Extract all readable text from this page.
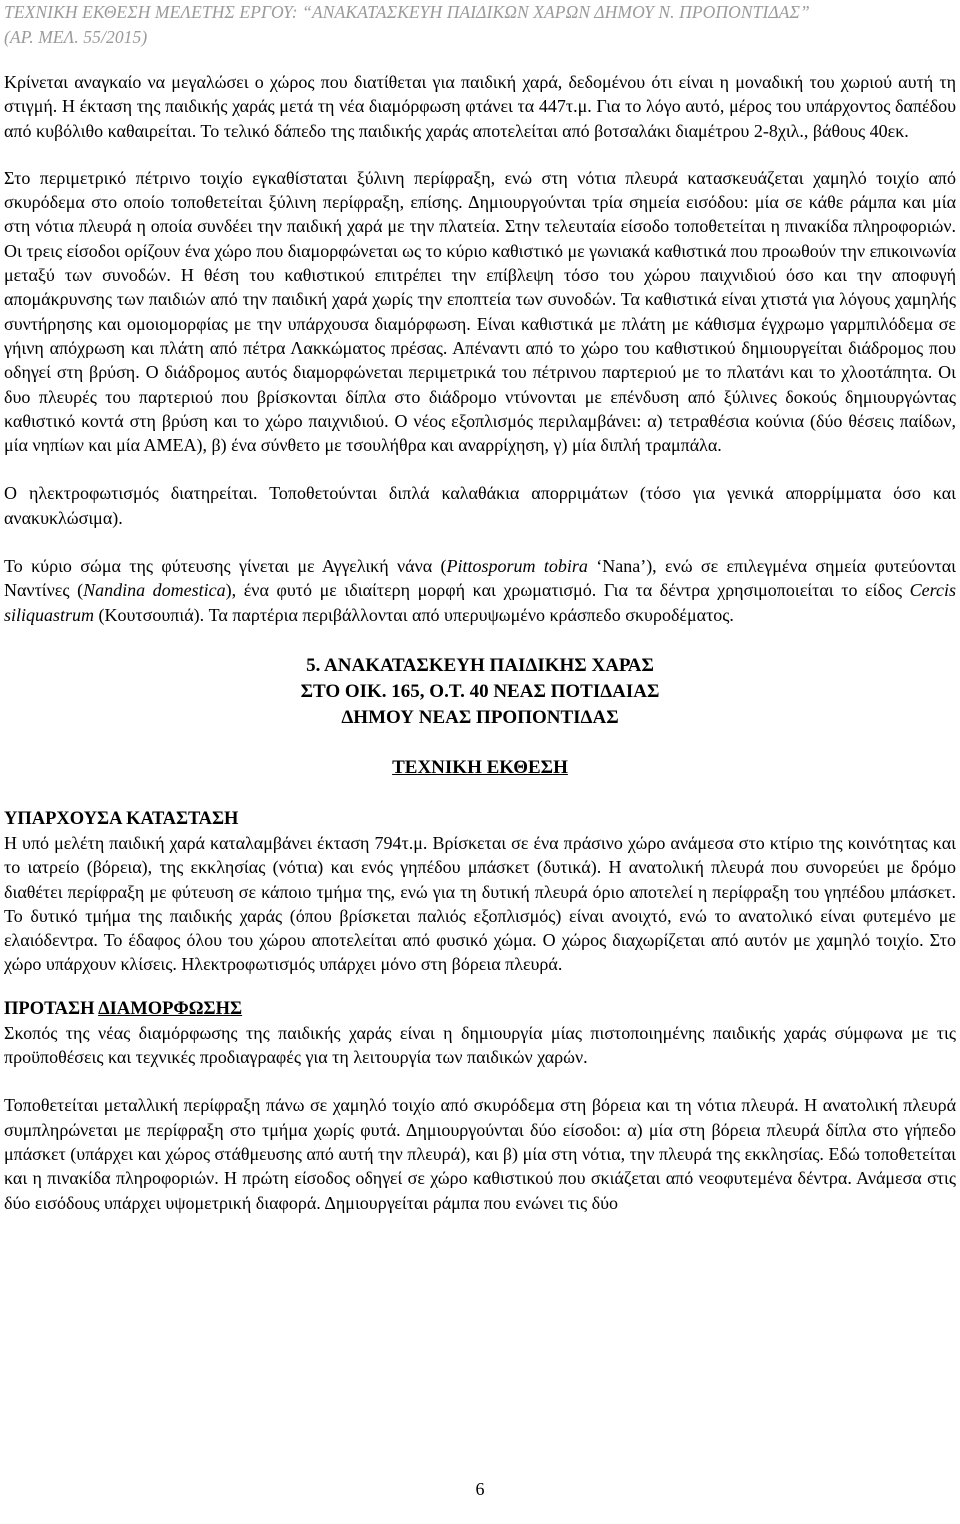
ΤΕΧΝΙΚΗ ΕΚΘΕΣΗ ΜΕΛΕΤΗΣ ΕΡΓΟΥ: “ΑΝΑΚΑΤΑΣΚΕΥΗ ΠΑΙΔΙΚΩΝ ΧΑΡΩΝ ΔΗΜΟΥ Ν. ΠΡΟΠΟΝΤΙΔΑΣ”
(ΑΡ. ΜΕΛ. 55/2015)

Κρίνεται αναγκαίο να μεγαλώσει ο χώρος που διατίθεται για παιδική χαρά, δεδομένου ότι είναι η μοναδική του χωριού αυτή τη στιγμή. Η έκταση της παιδικής χαράς μετά τη νέα διαμόρφωση φτάνει τα 447τ.μ. Για το λόγο αυτό, μέρος του υπάρχοντος δαπέδου από κυβόλιθο καθαιρείται. Το τελικό δάπεδο της παιδικής χαράς αποτελείται από βοτσαλάκι διαμέτρου 2-8χιλ., βάθους 40εκ.

Στο περιμετρικό πέτρινο τοιχίο εγκαθίσταται ξύλινη περίφραξη, ενώ στη νότια πλευρά κατασκευάζεται χαμηλό τοιχίο από σκυρόδεμα στο οποίο τοποθετείται ξύλινη περίφραξη, επίσης. Δημιουργούνται τρία σημεία εισόδου: μία σε κάθε ράμπα και μία στη νότια πλευρά η οποία συνδέει την παιδική χαρά με την πλατεία. Στην τελευταία είσοδο τοποθετείται η πινακίδα πληροφοριών. Οι τρεις είσοδοι ορίζουν ένα χώρο που διαμορφώνεται ως το κύριο καθιστικό με γωνιακά καθιστικά που προωθούν την επικοινωνία μεταξύ των συνοδών. Η θέση του καθιστικού επιτρέπει την επίβλεψη τόσο του χώρου παιχνιδιού όσο και την αποφυγή απομάκρυνσης των παιδιών από την παιδική χαρά χωρίς την εποπτεία των συνοδών. Τα καθιστικά είναι χτιστά για λόγους χαμηλής συντήρησης και ομοιομορφίας με την υπάρχουσα διαμόρφωση. Είναι καθιστικά με πλάτη με κάθισμα έγχρωμο γαρμπιλόδεμα σε γήινη απόχρωση και πλάτη από πέτρα Λακκώματος πρέσας. Απέναντι από το χώρο του καθιστικού δημιουργείται διάδρομος που οδηγεί στη βρύση. Ο διάδρομος αυτός διαμορφώνεται περιμετρικά του πέτρινου παρτεριού με το πλατάνι και το χλοοτάπητα. Οι δυο πλευρές του παρτεριού που βρίσκονται δίπλα στο διάδρομο ντύνονται με επένδυση από ξύλινες δοκούς δημιουργώντας καθιστικό κοντά στη βρύση και το χώρο παιχνιδιού. Ο νέος εξοπλισμός περιλαμβάνει: α) τετραθέσια κούνια (δύο θέσεις παίδων, μία νηπίων και μία ΑΜΕΑ), β) ένα σύνθετο με τσουλήθρα και αναρρίχηση, γ) μία διπλή τραμπάλα.

Ο ηλεκτροφωτισμός διατηρείται. Τοποθετούνται διπλά καλαθάκια απορριμάτων (τόσο για γενικά απορρίμματα όσο και ανακυκλώσιμα).

Το κύριο σώμα της φύτευσης γίνεται με Αγγελική νάνα (Pittosporum tobira ‘Nana’), ενώ σε επιλεγμένα σημεία φυτεύονται Ναντίνες (Nandina domestica), ένα φυτό με ιδιαίτερη μορφή και χρωματισμό. Για τα δέντρα χρησιμοποιείται το είδος Cercis siliquastrum (Κουτσουπιά). Τα παρτέρια περιβάλλονται από υπερυψωμένο κράσπεδο σκυροδέματος.

5. ΑΝΑΚΑΤΑΣΚΕΥΗ ΠΑΙΔΙΚΗΣ ΧΑΡΑΣ

ΣΤΟ ΟΙΚ. 165, Ο.Τ. 40 ΝΕΑΣ ΠΟΤΙΔΑΙΑΣ

ΔΗΜΟΥ ΝΕΑΣ ΠΡΟΠΟΝΤΙΔΑΣ

ΤΕΧΝΙΚΗ ΕΚΘΕΣΗ

ΥΠΑΡΧΟΥΣΑ ΚΑΤΑΣΤΑΣΗ

Η υπό μελέτη παιδική χαρά καταλαμβάνει έκταση 794τ.μ. Βρίσκεται σε ένα πράσινο χώρο ανάμεσα στο κτίριο της κοινότητας και το ιατρείο (βόρεια), της εκκλησίας (νότια) και ενός γηπέδου μπάσκετ (δυτικά). Η ανατολική πλευρά που συνορεύει με δρόμο διαθέτει περίφραξη με φύτευση σε κάποιο τμήμα της, ενώ για τη δυτική πλευρά όριο αποτελεί η περίφραξη του γηπέδου μπάσκετ. Το δυτικό τμήμα της παιδικής χαράς (όπου βρίσκεται παλιός εξοπλισμός) είναι ανοιχτό, ενώ το ανατολικό είναι φυτεμένο με ελαιόδεντρα. Το έδαφος όλου του χώρου αποτελείται από φυσικό χώμα. Ο χώρος διαχωρίζεται από αυτόν με χαμηλό τοιχίο. Στο χώρο υπάρχουν κλίσεις. Ηλεκτροφωτισμός υπάρχει μόνο στη βόρεια πλευρά.

ΠΡΟΤΑΣΗ ΔΙΑΜΟΡΦΩΣΗΣ

Σκοπός της νέας διαμόρφωσης της παιδικής χαράς είναι η δημιουργία μίας πιστοποιημένης παιδικής χαράς σύμφωνα με τις προϋποθέσεις και τεχνικές προδιαγραφές για τη λειτουργία των παιδικών χαρών.

Τοποθετείται μεταλλική περίφραξη πάνω σε χαμηλό τοιχίο από σκυρόδεμα στη βόρεια και τη νότια πλευρά. Η ανατολική πλευρά συμπληρώνεται με περίφραξη στο τμήμα χωρίς φυτά. Δημιουργούνται δύο είσοδοι: α) μία στη βόρεια πλευρά δίπλα στο γήπεδο μπάσκετ (υπάρχει και χώρος στάθμευσης από αυτή την πλευρά), και β) μία στη νότια, την πλευρά της εκκλησίας. Εδώ τοποθετείται και η πινακίδα πληροφοριών. Η πρώτη είσοδος οδηγεί σε χώρο καθιστικού που σκιάζεται από νεοφυτεμένα δέντρα. Ανάμεσα στις δύο εισόδους υπάρχει υψομετρική διαφορά. Δημιουργείται ράμπα που ενώνει τις δύο

6
